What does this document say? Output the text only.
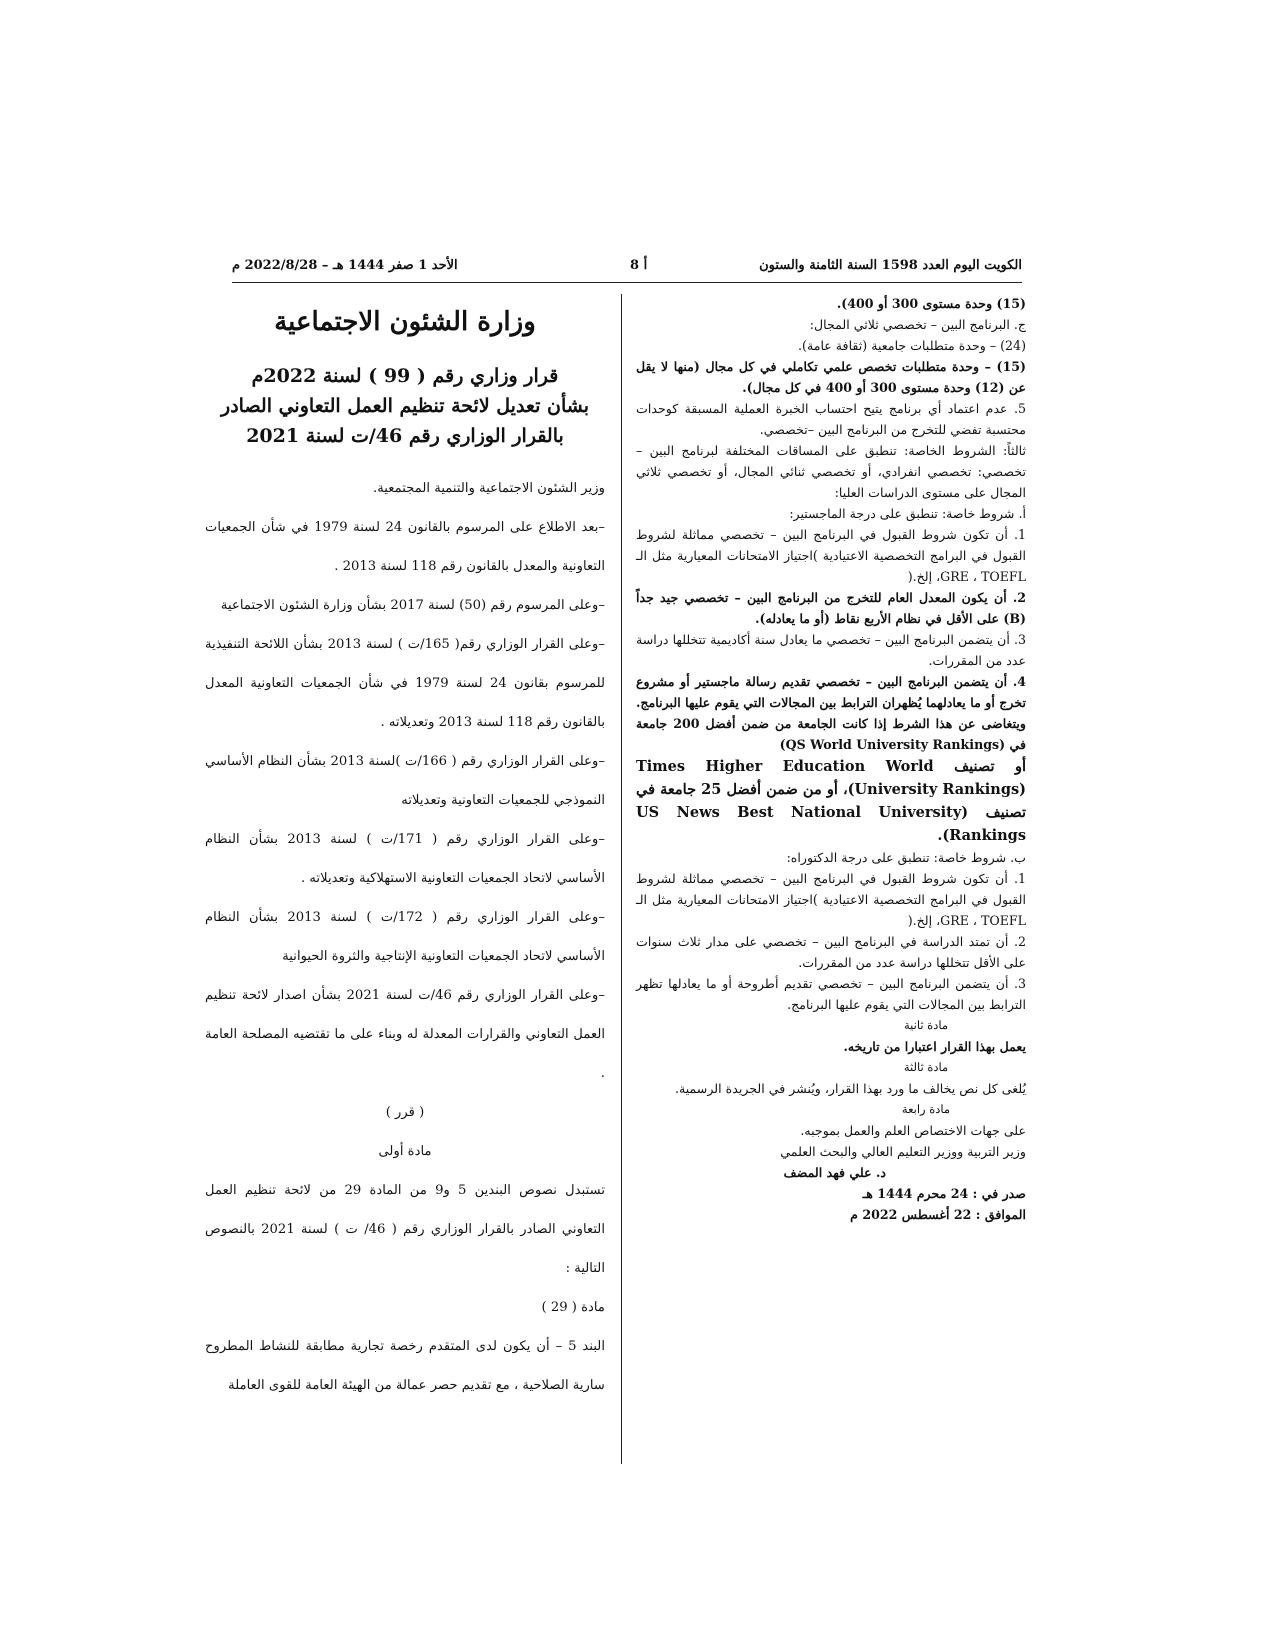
الكويت اليوم العدد 1598 السنة الثامنة والستون
أ 8
الأحد 1 صفر 1444 هـ – 2022/8/28 م

(15) وحدة مستوى 300 أو 400).

ج. البرنامج البين – تخصصي ثلاثي المجال:

(24) – وحدة متطلبات جامعية (ثقافة عامة).

(15) – وحدة متطلبات تخصص علمي تكاملي في كل مجال (منها لا يقل عن (12) وحدة مستوى 300 أو 400 في كل مجال).

5. عدم اعتماد أي برنامج يتيح احتساب الخبرة العملية المسبقة كوحدات محتسبة تفضي للتخرج من البرنامج البين –تخصصي.

ثالثاً: الشروط الخاصة: تنطبق على المساقات المختلفة لبرنامج البين – تخصصي: تخصصي انفرادي، أو تخصصي ثنائي المجال، أو تخصصي ثلاثي المجال على مستوى الدراسات العليا:

أ. شروط خاصة: تنطبق على درجة الماجستير:

1. أن تكون شروط القبول في البرنامج البين – تخصصي مماثلة لشروط القبول في البرامج التخصصية الاعتيادية )اجتياز الامتحانات المعيارية مثل الـ GRE ، TOEFL، إلخ.(

2. أن يكون المعدل العام للتخرج من البرنامج البين – تخصصي جيد جداً (B) على الأقل في نظام الأربع نقاط (أو ما يعادله).

3. أن يتضمن البرنامج البين – تخصصي ما يعادل سنة أكاديمية تتخللها دراسة عدد من المقررات.

4. أن يتضمن البرنامج البين – تخصصي تقديم رسالة ماجستير أو مشروع تخرج أو ما يعادلهما يُظهران الترابط بين المجالات التي يقوم عليها البرنامج. ويتغاضى عن هذا الشرط إذا كانت الجامعة من ضمن أفضل 200 جامعة في (QS World University Rankings)

أو تصنيف Times Higher Education World (University Rankings)، أو من ضمن أفضل 25 جامعة في تصنيف US News Best National University) (Rankings.

ب. شروط خاصة: تنطبق على درجة الدكتوراه:

1. أن تكون شروط القبول في البرنامج البين – تخصصي مماثلة لشروط القبول في البرامج التخصصية الاعتيادية )اجتياز الامتحانات المعيارية مثل الـ GRE ، TOEFL، إلخ.(

2. أن تمتد الدراسة في البرنامج البين – تخصصي على مدار ثلاث سنوات على الأقل تتخللها دراسة عدد من المقررات.

3. أن يتضمن البرنامج البين – تخصصي تقديم أطروحة أو ما يعادلها تظهر الترابط بين المجالات التي يقوم عليها البرنامج.

مادة ثانية

يعمل بهذا القرار اعتبارا من تاريخه.

مادة ثالثة

يُلغى كل نص يخالف ما ورد بهذا القرار، ويُنشر في الجريدة الرسمية.

مادة رابعة

على جهات الاختصاص العلم والعمل بموجبه.

وزير التربية ووزير التعليم العالي والبحث العلمي

د. علي فهد المضف

صدر في : 24 محرم 1444 هـ

الموافق : 22 أغسطس 2022 م

وزارة الشئون الاجتماعية

قرار وزاري رقم ( 99 ) لسنة 2022م
بشأن تعديل لائحة تنظيم العمل التعاوني الصادر
بالقرار الوزاري رقم 46/ت لسنة 2021

وزير الشئون الاجتماعية والتنمية المجتمعية.

–بعد الاطلاع على المرسوم بالقانون 24 لسنة 1979 في شأن الجمعيات التعاونية والمعدل بالقانون رقم 118 لسنة 2013 .

–وعلى المرسوم رقم (50) لسنة 2017 بشأن وزارة الشئون الاجتماعية

–وعلى القرار الوزاري رقم( 165/ت ) لسنة 2013 بشأن اللائحة التنفيذية للمرسوم بقانون 24 لسنة 1979 في شأن الجمعيات التعاونية المعدل بالقانون رقم 118 لسنة 2013 وتعديلاته .

–وعلى القرار الوزاري رقم ( 166/ت )لسنة 2013 بشأن النظام الأساسي النموذجي للجمعيات التعاونية وتعديلاته

–وعلى القرار الوزاري رقم ( 171/ت ) لسنة 2013 بشأن النظام الأساسي لاتحاد الجمعيات التعاونية الاستهلاكية وتعديلاته .

–وعلى القرار الوزاري رقم ( 172/ت ) لسنة 2013 بشأن النظام الأساسي لاتحاد الجمعيات التعاونية الإنتاجية والثروة الحيوانية

–وعلى القرار الوزاري رقم 46/ت لسنة 2021 بشأن اصدار لائحة تنظيم العمل التعاوني والقرارات المعدلة له وبناء على ما تقتضيه المصلحة العامة .

( قرر )

مادة أولى

تستبدل نصوص البندين 5 و9 من المادة 29 من لائحة تنظيم العمل التعاوني الصادر بالقرار الوزاري رقم ( 46/ ت ) لسنة 2021 بالنصوص التالية :

مادة ( 29 )

البند 5 – أن يكون لدى المتقدم رخصة تجارية مطابقة للنشاط المطروح سارية الصلاحية ، مع تقديم حصر عمالة من الهيئة العامة للقوى العاملة
